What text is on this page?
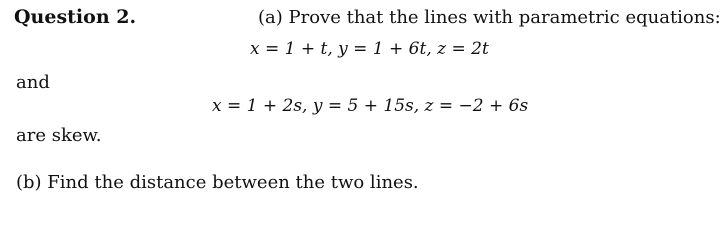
Question 2.	(a) Prove that the lines with parametric equations:
x = 1 + t, y = 1 + 6t, z = 2t
and
x = 1 + 2s, y = 5 + 15s, z = −2 + 6s
are skew.
(b) Find the distance between the two lines.
